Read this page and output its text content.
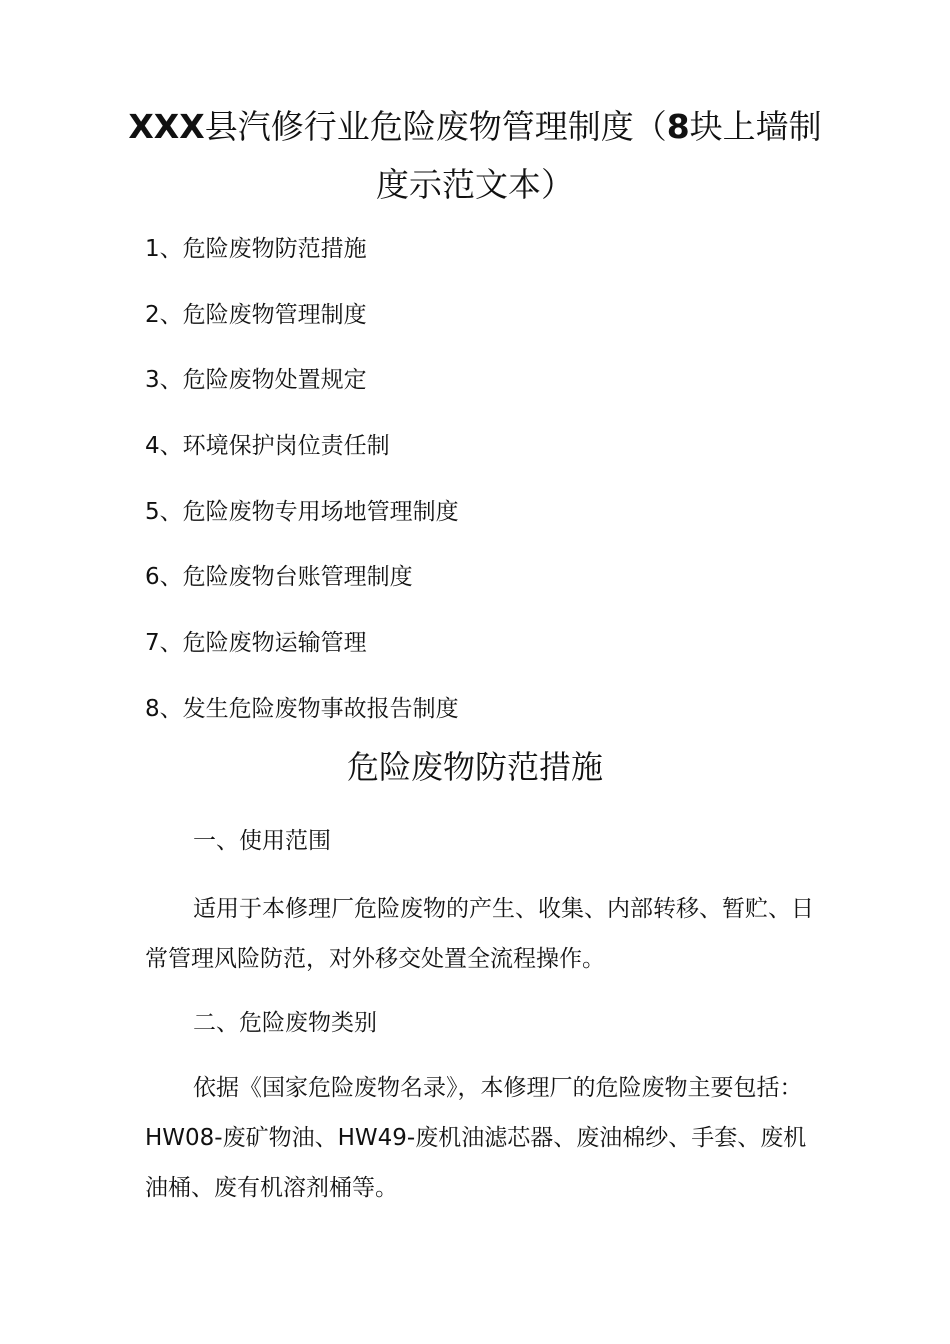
XXX县汽修行业危险废物管理制度（8块上墙制度示范文本）
1、危险废物防范措施
2、危险废物管理制度
3、危险废物处置规定
4、环境保护岗位责任制
5、危险废物专用场地管理制度
6、危险废物台账管理制度
7、危险废物运输管理
8、发生危险废物事故报告制度
危险废物防范措施

一、使用范围

适用于本修理厂危险废物的产生、收集、内部转移、暂贮、日常管理风险防范，对外移交处置全流程操作。

二、危险废物类别

依据《国家危险废物名录》，本修理厂的危险废物主要包括：HW08-废矿物油、HW49-废机油滤芯器、废油棉纱、手套、废机油桶、废有机溶剂桶等。
